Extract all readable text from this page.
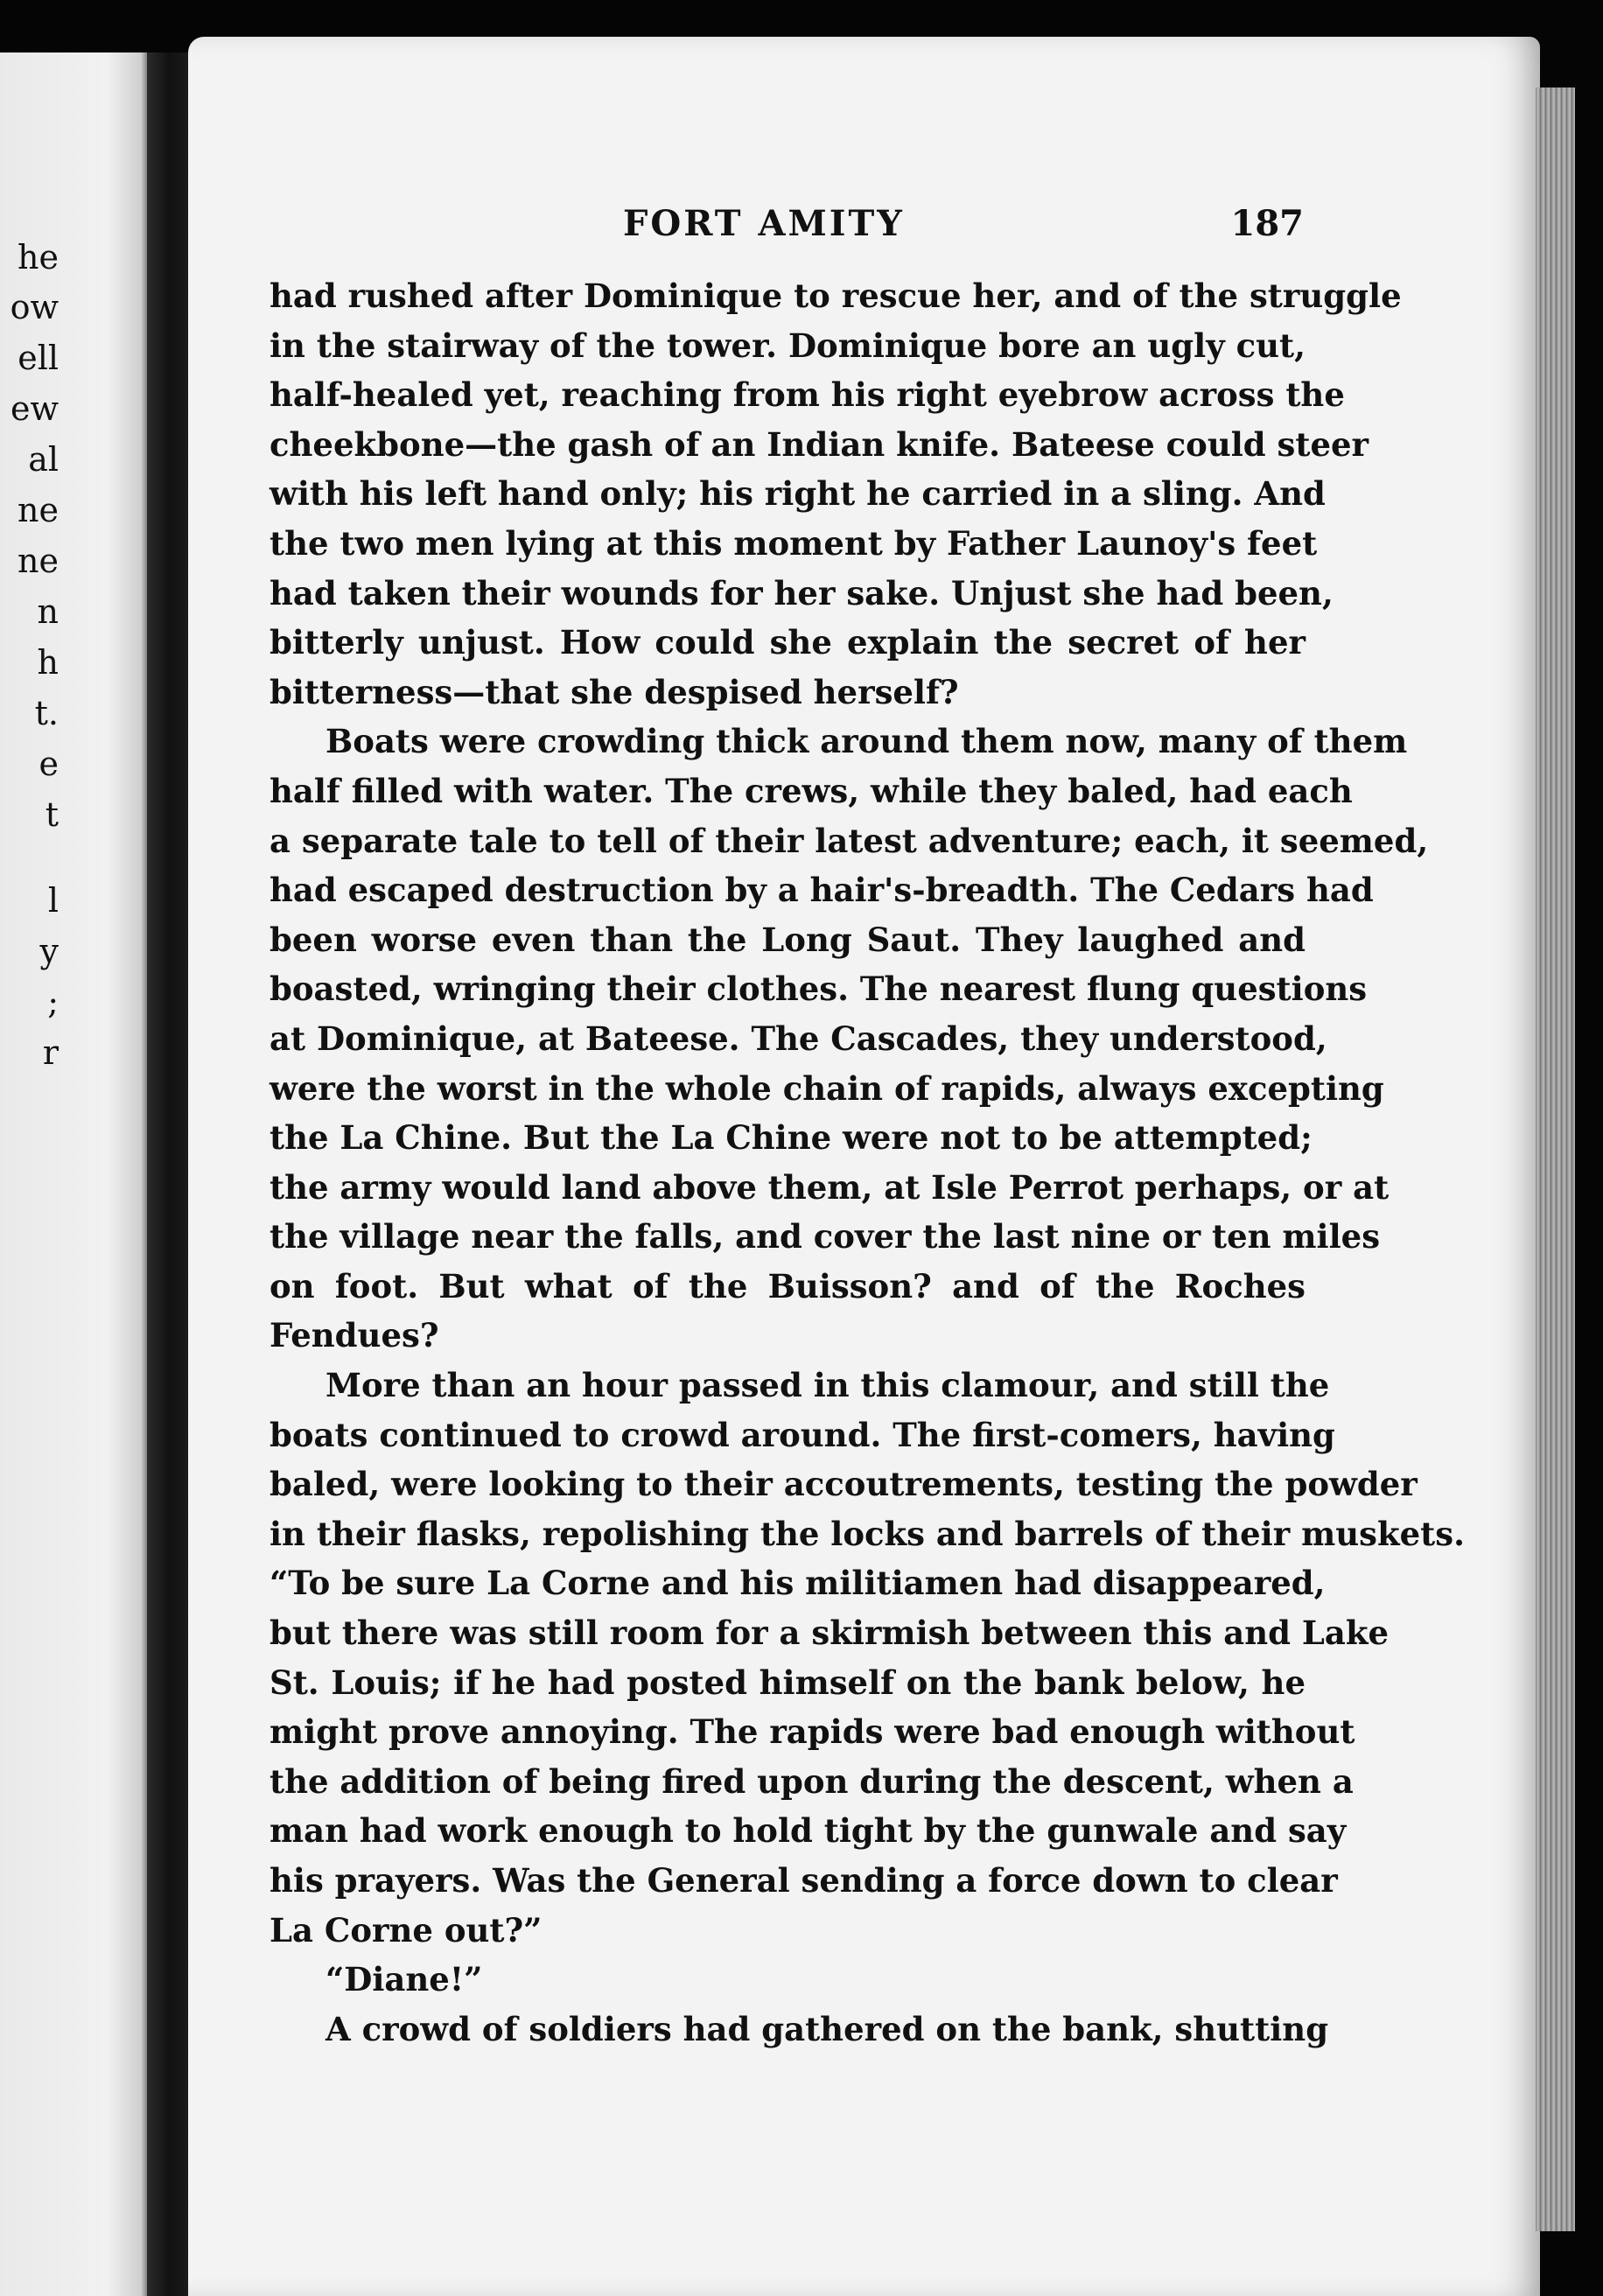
he
ow
ell
ew
al
ne
ne
n
h
t.
e
t
l
y
;
r
FORT AMITY	187
had rushed after Dominique to rescue her, and of the struggle
in the stairway of the tower. Dominique bore an ugly cut,
half-healed yet, reaching from his right eyebrow across the
cheekbone—the gash of an Indian knife. Bateese could steer
with his left hand only; his right he carried in a sling. And
the two men lying at this moment by Father Launoy's feet
had taken their wounds for her sake. Unjust she had been,
bitterly unjust. How could she explain the secret of her
bitterness—that she despised herself?
Boats were crowding thick around them now, many of them
half filled with water. The crews, while they baled, had each
a separate tale to tell of their latest adventure; each, it seemed,
had escaped destruction by a hair's-breadth. The Cedars had
been worse even than the Long Saut. They laughed and
boasted, wringing their clothes. The nearest flung questions
at Dominique, at Bateese. The Cascades, they understood,
were the worst in the whole chain of rapids, always excepting
the La Chine. But the La Chine were not to be attempted;
the army would land above them, at Isle Perrot perhaps, or at
the village near the falls, and cover the last nine or ten miles
on foot. But what of the Buisson? and of the Roches
Fendues?
More than an hour passed in this clamour, and still the
boats continued to crowd around. The first-comers, having
baled, were looking to their accoutrements, testing the powder
in their flasks, repolishing the locks and barrels of their muskets.
“To be sure La Corne and his militiamen had disappeared,
but there was still room for a skirmish between this and Lake
St. Louis; if he had posted himself on the bank below, he
might prove annoying. The rapids were bad enough without
the addition of being fired upon during the descent, when a
man had work enough to hold tight by the gunwale and say
his prayers. Was the General sending a force down to clear
La Corne out?”
“Diane!”
A crowd of soldiers had gathered on the bank, shutting
